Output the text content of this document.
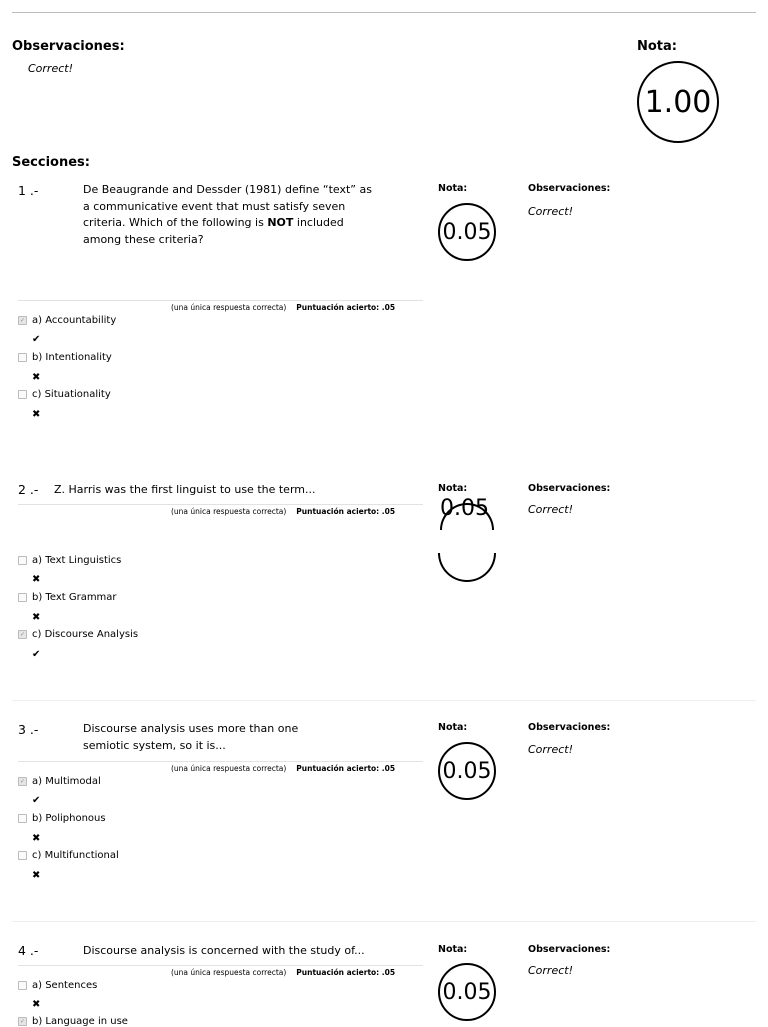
Observaciones:
Correct!
Nota:
1.00
Secciones:
1 .-	De Beaugrande and Dessder (1981) define “text” as a communicative event that must satisfy seven criteria. Which of the following is NOT included among these criteria?
Nota:
0.05
Observaciones:
Correct!
(una única respuesta correcta) Puntuación acierto: .05
✓ a) Accountability
✔
b) Intentionality
✖
c) Situationality
✖
2 .- Z. Harris was the first linguist to use the term...	Nota:
0.05
Observaciones:
Correct!
(una única respuesta correcta) Puntuación acierto: .05
a) Text Linguistics
✖
b) Text Grammar
✖
✓ c) Discourse Analysis
✔
3 .-	Discourse analysis uses more than one semiotic system, so it is...
Nota:
0.05
Observaciones:
Correct!
(una única respuesta correcta) Puntuación acierto: .05
✓ a) Multimodal
✔
b) Poliphonous
✖
c) Multifunctional
✖
4 .-	Discourse analysis is concerned with the study of...	Nota:
0.05
Observaciones:
Correct!
(una única respuesta correcta) Puntuación acierto: .05
a) Sentences
✖
✓ b) Language in use
